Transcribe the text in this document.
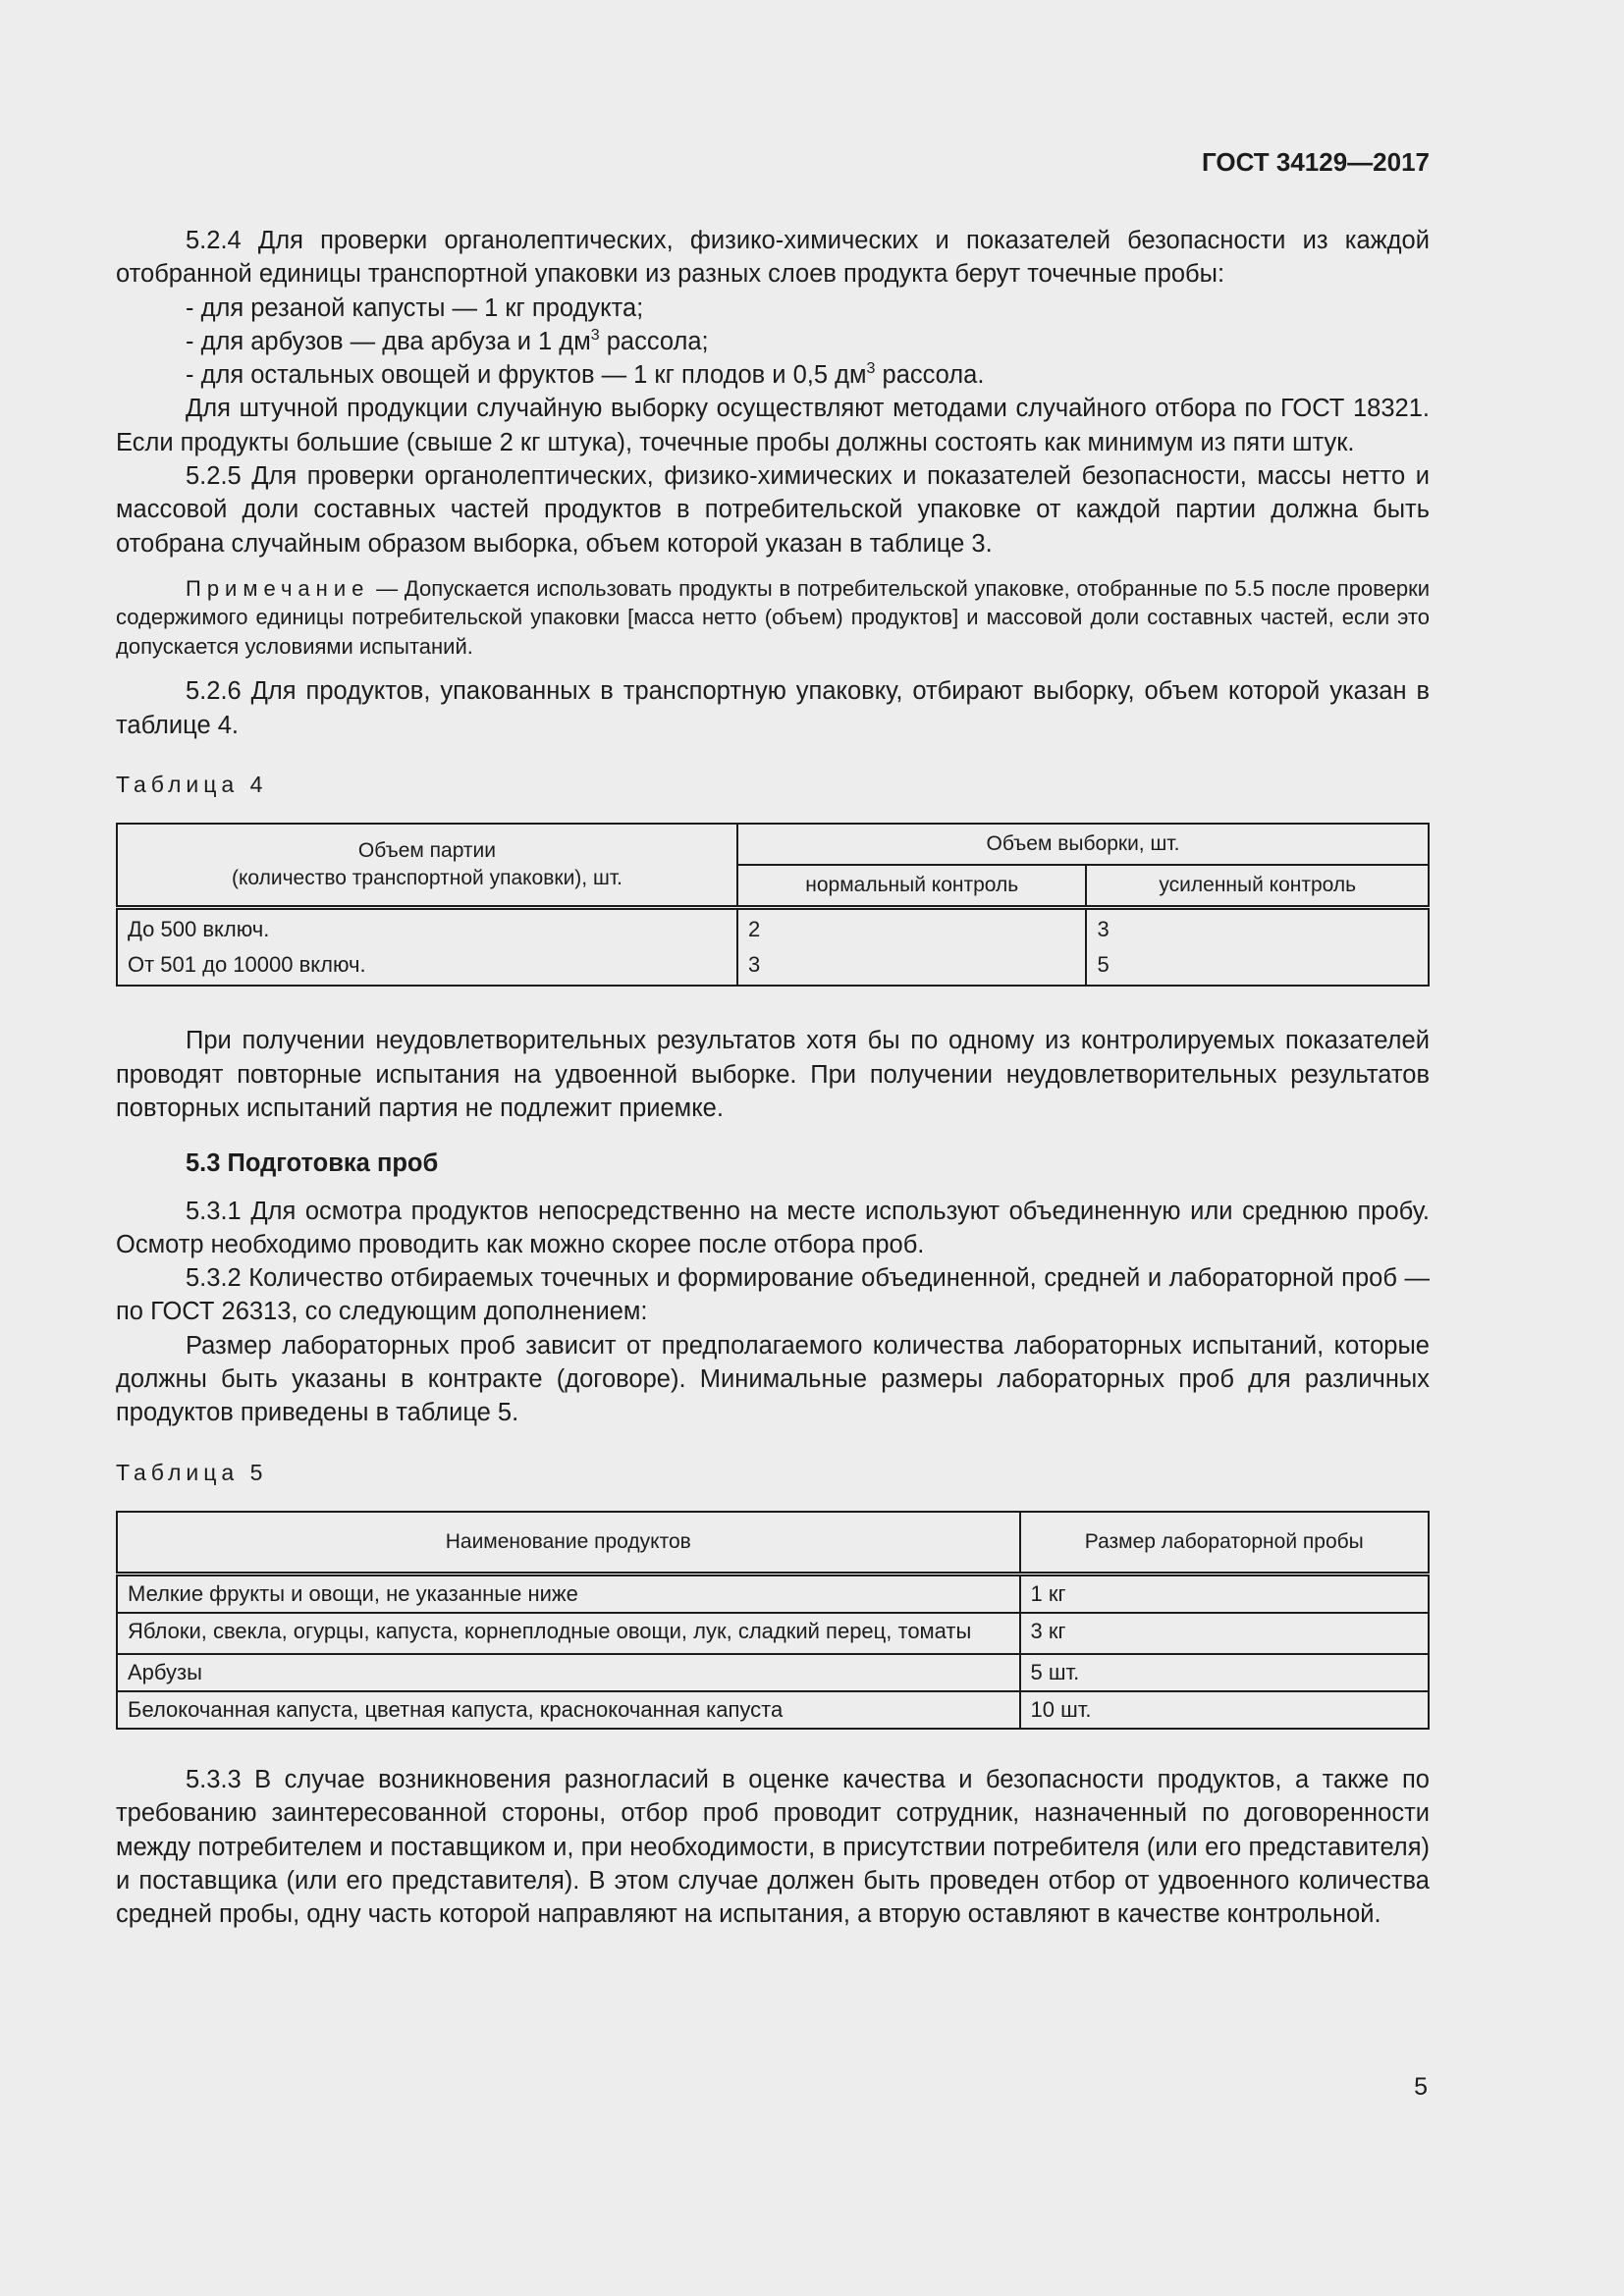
ГОСТ 34129—2017

5.2.4 Для проверки органолептических, физико-химических и показателей безопасности из каждой отобранной единицы транспортной упаковки из разных слоев продукта берут точечные пробы:

- для резаной капусты — 1 кг продукта;

- для арбузов — два арбуза и 1 $дм^3$ рассола;

- для остальных овощей и фруктов — 1 кг плодов и 0,5 $дм^3$ рассола.

Для штучной продукции случайную выборку осуществляют методами случайного отбора по ГОСТ 18321. Если продукты большие (свыше 2 кг штука), точечные пробы должны состоять как минимум из пяти штук.

5.2.5 Для проверки органолептических, физико-химических и показателей безопасности, массы нетто и массовой доли составных частей продуктов в потребительской упаковке от каждой партии должна быть отобрана случайным образом выборка, объем которой указан в таблице 3.

Примечание — Допускается использовать продукты в потребительской упаковке, отобранные по 5.5 после проверки содержимого единицы потребительской упаковки [масса нетто (объем) продуктов] и массовой доли составных частей, если это допускается условиями испытаний.

5.2.6 Для продуктов, упакованных в транспортную упаковку, отбирают выборку, объем которой указан в таблице 4.

Таблица 4

Объем партии
(количество транспортной упаковки), шт.	Объем выборки, шт.	
	нормальный контроль	усиленный контроль
До 500 включ.	2	3
От 501 до 10000 включ.	3	5

При получении неудовлетворительных результатов хотя бы по одному из контролируемых показателей проводят повторные испытания на удвоенной выборке. При получении неудовлетворительных результатов повторных испытаний партия не подлежит приемке.

5.3 Подготовка проб

5.3.1 Для осмотра продуктов непосредственно на месте используют объединенную или среднюю пробу. Осмотр необходимо проводить как можно скорее после отбора проб.

5.3.2 Количество отбираемых точечных и формирование объединенной, средней и лабораторной проб — по ГОСТ 26313, со следующим дополнением:

Размер лабораторных проб зависит от предполагаемого количества лабораторных испытаний, которые должны быть указаны в контракте (договоре). Минимальные размеры лабораторных проб для различных продуктов приведены в таблице 5.

Таблица 5

Наименование продуктов	Размер лабораторной пробы
Мелкие фрукты и овощи, не указанные ниже	1 кг
Яблоки, свекла, огурцы, капуста, корнеплодные овощи, лук, сладкий перец, томаты	3 кг
Арбузы	5 шт.
Белокочанная капуста, цветная капуста, краснокочанная капуста	10 шт.

5.3.3 В случае возникновения разногласий в оценке качества и безопасности продуктов, а также по требованию заинтересованной стороны, отбор проб проводит сотрудник, назначенный по договоренности между потребителем и поставщиком и, при необходимости, в присутствии потребителя (или его представителя) и поставщика (или его представителя). В этом случае должен быть проведен отбор от удвоенного количества средней пробы, одну часть которой направляют на испытания, а вторую оставляют в качестве контрольной.

5
